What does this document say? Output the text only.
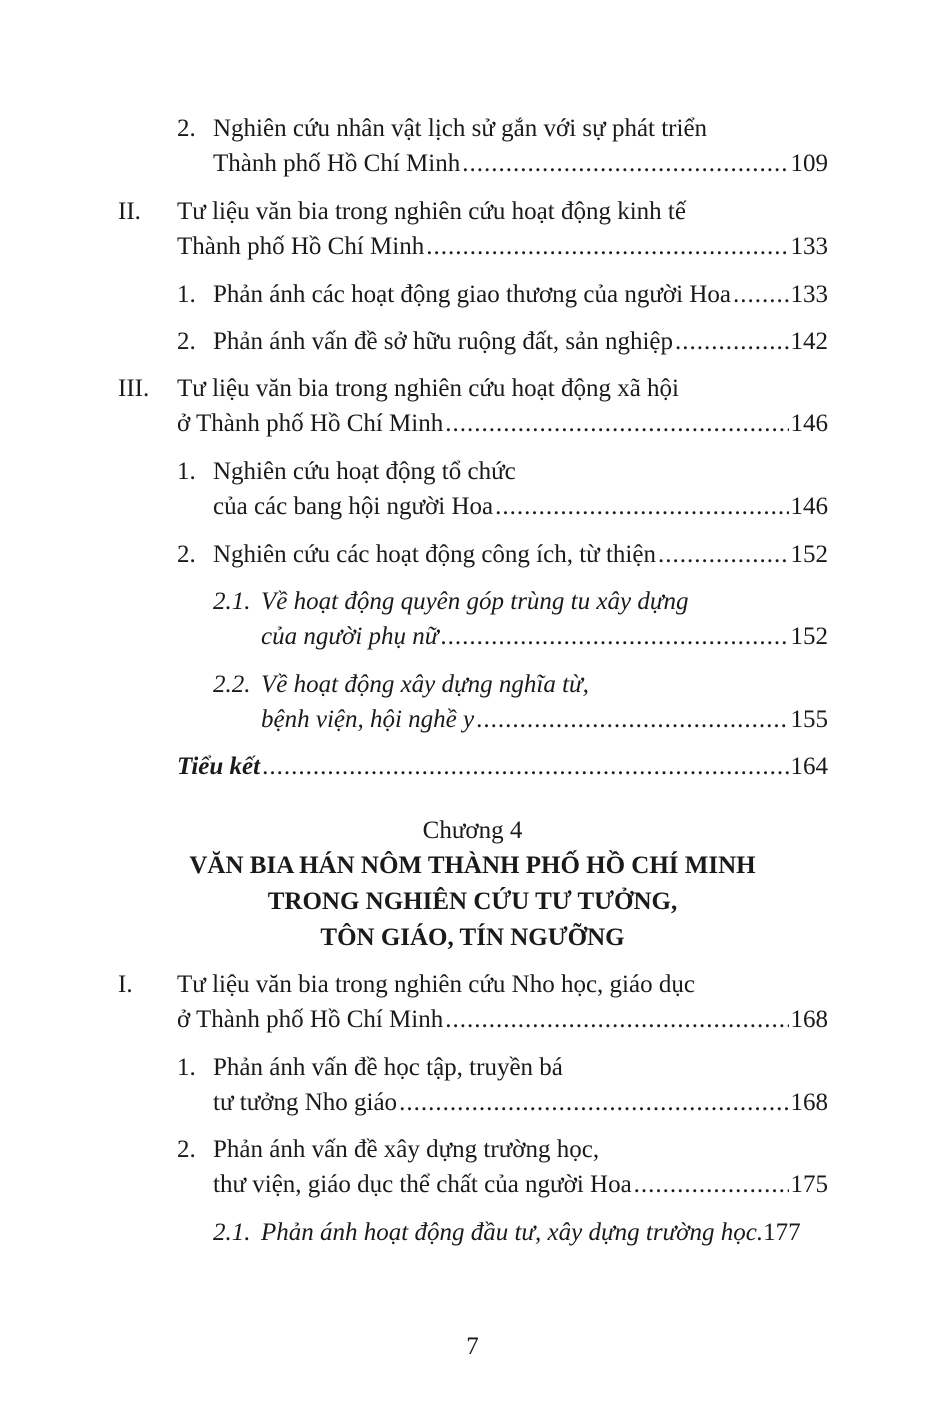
2. Nghiên cứu nhân vật lịch sử gắn với sự phát triển
Thành phố Hồ Chí Minh .....	109
II. Tư liệu văn bia trong nghiên cứu hoạt động kinh tế
Thành phố Hồ Chí Minh .....	133
1. Phản ánh các hoạt động giao thương của người Hoa ..... 133
2. Phản ánh vấn đề sở hữu ruộng đất, sản nghiệp .....	142
III. Tư liệu văn bia trong nghiên cứu hoạt động xã hội
ở Thành phố Hồ Chí Minh .....	146
1. Nghiên cứu hoạt động tổ chức
của các bang hội người Hoa .....	146
2. Nghiên cứu các hoạt động công ích, từ thiện .....	152
2.1. Về hoạt động quyên góp trùng tu xây dựng
của người phụ nữ .....	152
2.2. Về hoạt động xây dựng nghĩa từ,
bệnh viện, hội nghề y .....	155
Tiểu kết .....	164
Chương 4
VĂN BIA HÁN NÔM THÀNH PHỐ HỒ CHÍ MINH
TRONG NGHIÊN CỨU TƯ TƯỞNG,
TÔN GIÁO, TÍN NGƯỠNG
I. Tư liệu văn bia trong nghiên cứu Nho học, giáo dục
ở Thành phố Hồ Chí Minh .....	168
1. Phản ánh vấn đề học tập, truyền bá
tư tưởng Nho giáo .....	168
2. Phản ánh vấn đề xây dựng trường học,
thư viện, giáo dục thể chất của người Hoa .....	175
2.1. Phản ánh hoạt động đầu tư, xây dựng trường học. 177
7
